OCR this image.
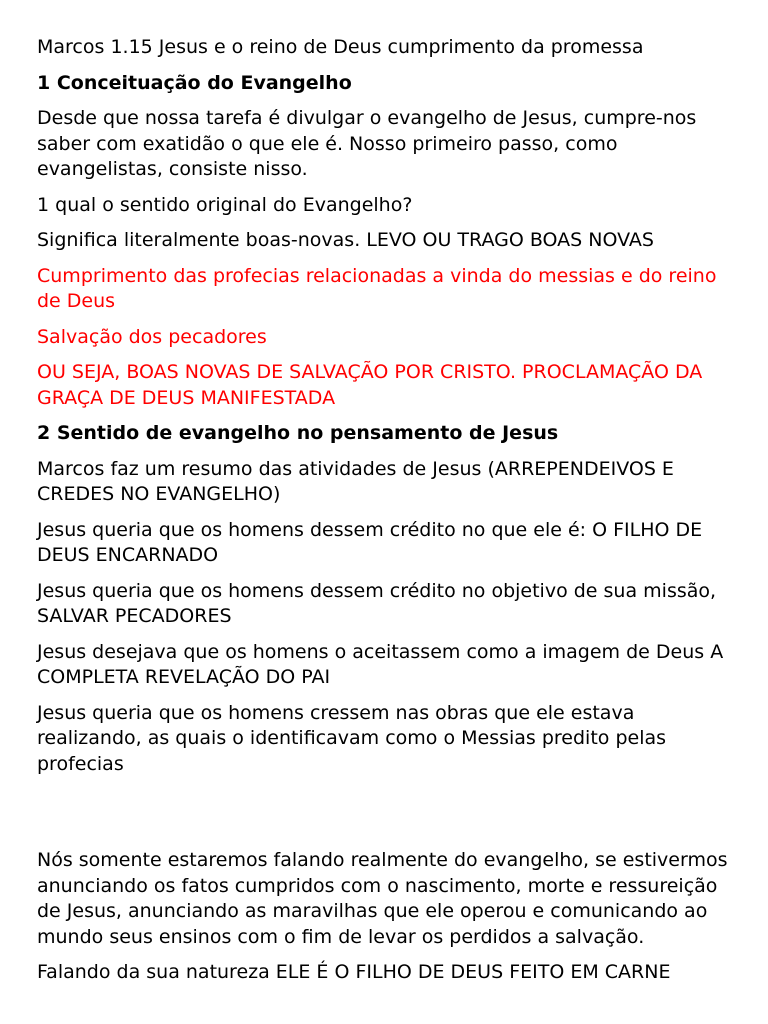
Marcos 1.15 Jesus e o reino de Deus cumprimento da promessa

1 Conceituação do Evangelho

Desde que nossa tarefa é divulgar o evangelho de Jesus, cumpre-nos saber com exatidão o que ele é. Nosso primeiro passo, como evangelistas, consiste nisso.

1 qual o sentido original do Evangelho?

Significa literalmente boas-novas. LEVO OU TRAGO BOAS NOVAS

Cumprimento das profecias relacionadas a vinda do messias e do reino de Deus

Salvação dos pecadores

OU SEJA, BOAS NOVAS DE SALVAÇÃO POR CRISTO. PROCLAMAÇÃO DA GRAÇA DE DEUS MANIFESTADA

2 Sentido de evangelho no pensamento de Jesus

Marcos faz um resumo das atividades de Jesus (ARREPENDEIVOS E CREDES NO EVANGELHO)

Jesus queria que os homens dessem crédito no que ele é: O FILHO DE DEUS ENCARNADO

Jesus queria que os homens dessem crédito no objetivo de sua missão, SALVAR PECADORES

Jesus desejava que os homens o aceitassem como a imagem de Deus A COMPLETA REVELAÇÃO DO PAI

Jesus queria que os homens cressem nas obras que ele estava realizando, as quais o identificavam como o Messias predito pelas profecias

Nós somente estaremos falando realmente do evangelho, se estivermos anunciando os fatos cumpridos com o nascimento, morte e ressureição de Jesus, anunciando as maravilhas que ele operou e comunicando ao mundo seus ensinos com o fim de levar os perdidos a salvação.

Falando da sua natureza ELE É O FILHO DE DEUS FEITO EM CARNE
